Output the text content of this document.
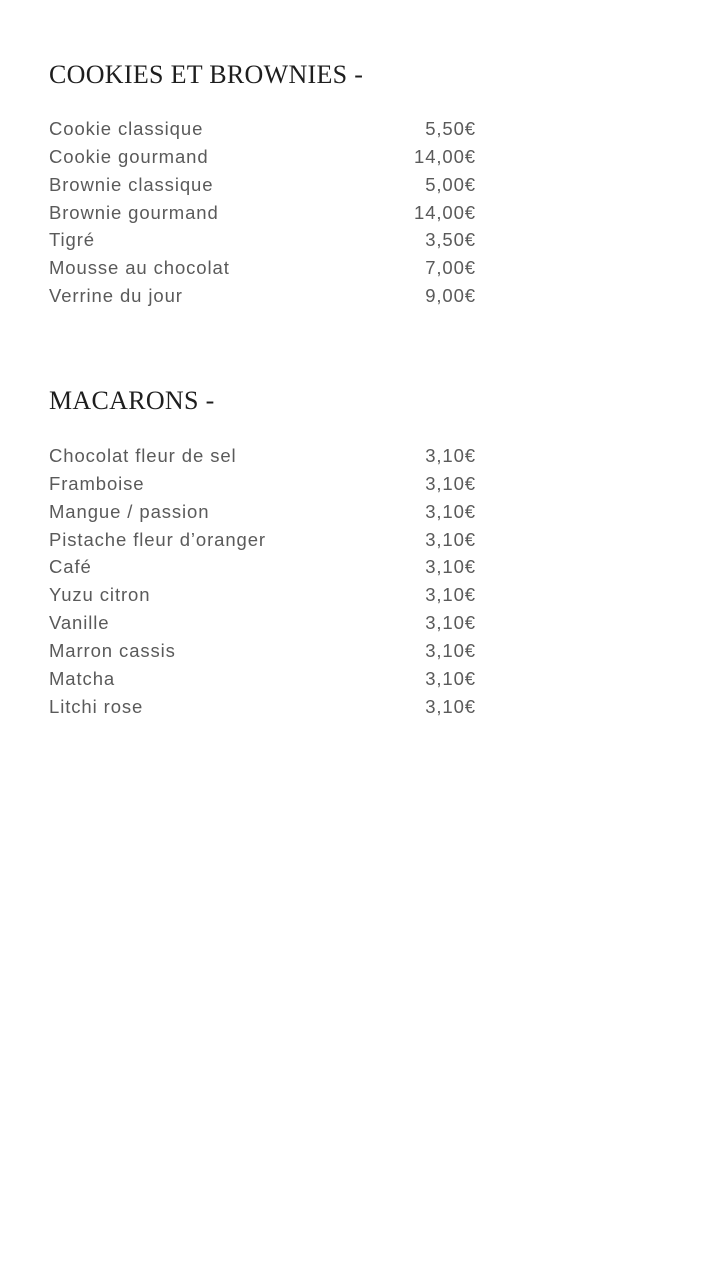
COOKIES ET BROWNIES -
Cookie classique	5,50€
Cookie gourmand	14,00€
Brownie classique	5,00€
Brownie gourmand	14,00€
Tigré	3,50€
Mousse au chocolat	7,00€
Verrine du jour	9,00€
MACARONS -
Chocolat fleur de sel	3,10€
Framboise	3,10€
Mangue / passion	3,10€
Pistache fleur d’oranger	3,10€
Café	3,10€
Yuzu citron	3,10€
Vanille	3,10€
Marron cassis	3,10€
Matcha	3,10€
Litchi rose	3,10€
